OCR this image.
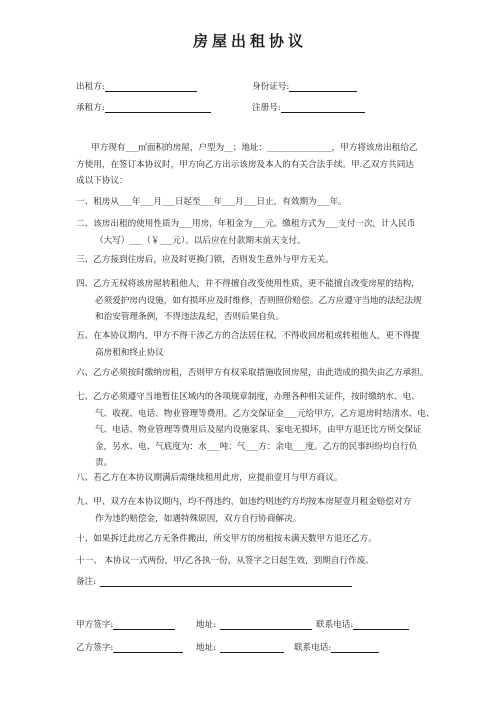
房屋出租协议
出租方:	身份证号:
承租方:	注册号:
甲方现有___㎡面积的房屋，户型为__；地址：_______________，甲方将该房出租给乙
方使用，在签订本协议时，甲方向乙方出示该房及本人的有关合法手续。甲.乙双方共同达
成以下协议：
一、租房从___年___月___日起至___年___月___日止，有效期为___年。
二、该房出租的使用性质为___用房，年租金为___元。缴租方式为___支付一次，计人民币
（大写）___（￥___元）。以后应在付款期末前天支付。
三、乙方接到住房后，应及时更换门锁，否则发生意外与甲方无关。
四、乙方无权将该房屋转租他人，并不得擅自改变使用性质，更不能擅自改变房屋的结构，
必须爱护房内设施，如有损坏应及时维修，否则照价赔偿。乙方应遵守当地的法纪法规
和治安管理条例，不得违法乱纪，否则后果自负。
五、在本协议期内，甲方不得干涉乙方的合法居住权，不得收回房租或转租他人，更不得提
高房租和终止协议
六、乙方必须按时缴纳房租，否则甲方有权采取措施收回房屋，由此造成的损失由乙方承担。
七、乙方必须遵守当地暂住区域内的各项规章制度，办理各种相关证件，按时缴纳水、电、
气、收视、电话、物业管理等费用。乙方交保证金___元给甲方，乙方退房时结清水、电、
气、电话、物业管理等费用后及屋内设施家具、家电无损坏，由甲方退还比方所交保证
金，另水、电、气底度为：水___吨：气___方：余电___度。乙方的民事纠纷均自行负
责。
八、若乙方在本协议期满后需继续租用此房，应提前壹月与甲方商议。
九、甲、双方在本协议期内，均不得违约，如违约则违约方均按本房屋壹月租金赔偿对方
作为违约赔偿金，如遇特殊原因，双方自行协商解决。
十、如果拆迁此房乙方无条件搬出，所交甲方的房租按未满天数甲方退还乙方。
十一、 本协议一式两份，甲/乙各执一份，从签字之日起生效，到期自行作废。
备注:
甲方签字:	地址:	联系电话:
乙方签字:	地址:	联系电话:
